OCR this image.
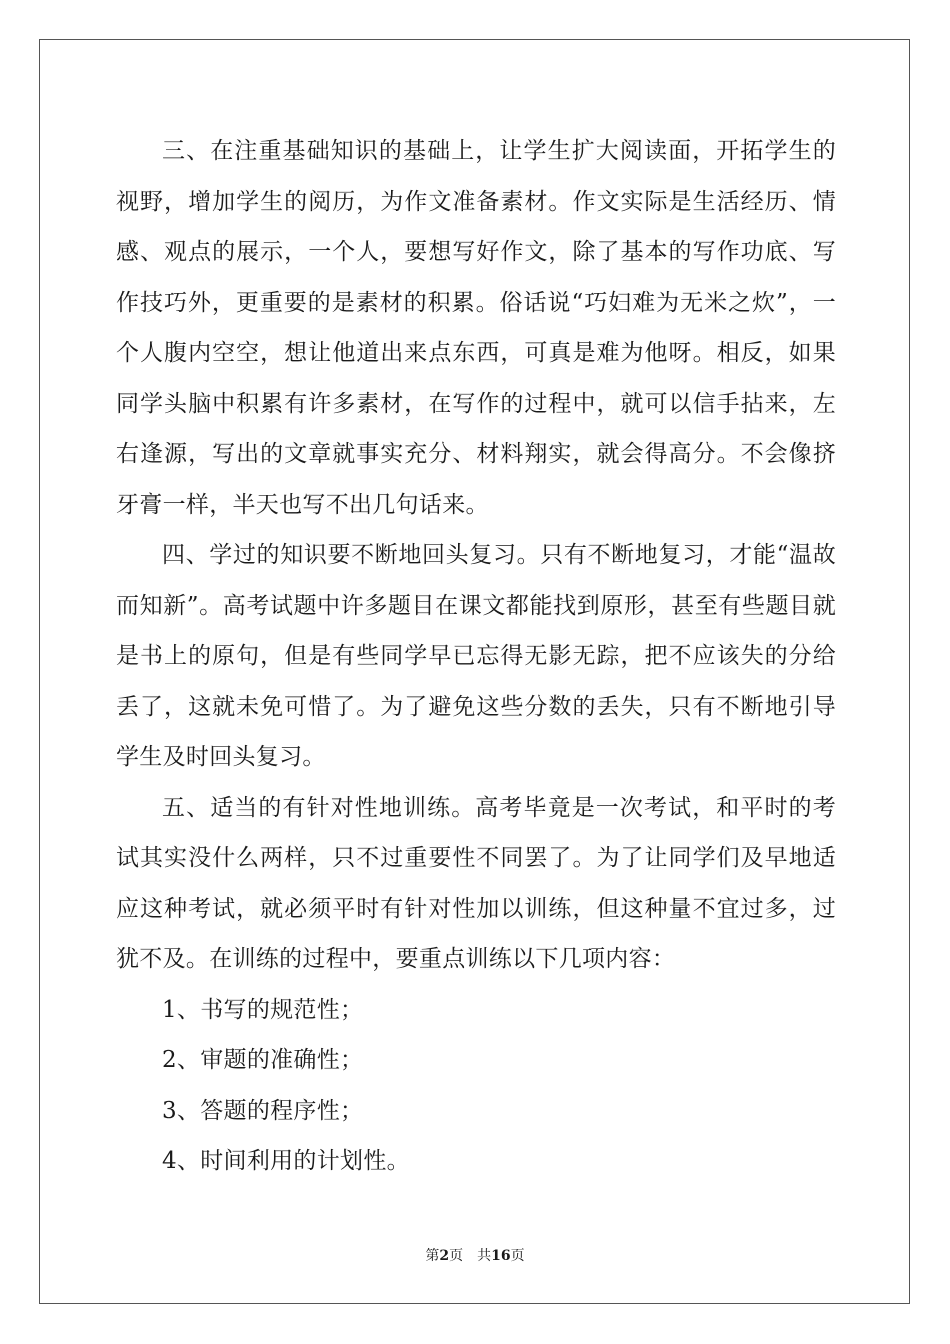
三、在注重基础知识的基础上，让学生扩大阅读面，开拓学生的视野，增加学生的阅历，为作文准备素材。作文实际是生活经历、情感、观点的展示，一个人，要想写好作文，除了基本的写作功底、写作技巧外，更重要的是素材的积累。俗话说“巧妇难为无米之炊”，一个人腹内空空，想让他道出来点东西，可真是难为他呀。相反，如果同学头脑中积累有许多素材，在写作的过程中，就可以信手拈来，左右逢源，写出的文章就事实充分、材料翔实，就会得高分。不会像挤牙膏一样，半天也写不出几句话来。

四、学过的知识要不断地回头复习。只有不断地复习，才能“温故而知新”。高考试题中许多题目在课文都能找到原形，甚至有些题目就是书上的原句，但是有些同学早已忘得无影无踪，把不应该失的分给丢了，这就未免可惜了。为了避免这些分数的丢失，只有不断地引导学生及时回头复习。

五、适当的有针对性地训练。高考毕竟是一次考试，和平时的考试其实没什么两样，只不过重要性不同罢了。为了让同学们及早地适应这种考试，就必须平时有针对性加以训练，但这种量不宜过多，过犹不及。在训练的过程中，要重点训练以下几项内容：

1、书写的规范性；

2、审题的准确性；

3、答题的程序性；

4、时间利用的计划性。

第2页 共16页
